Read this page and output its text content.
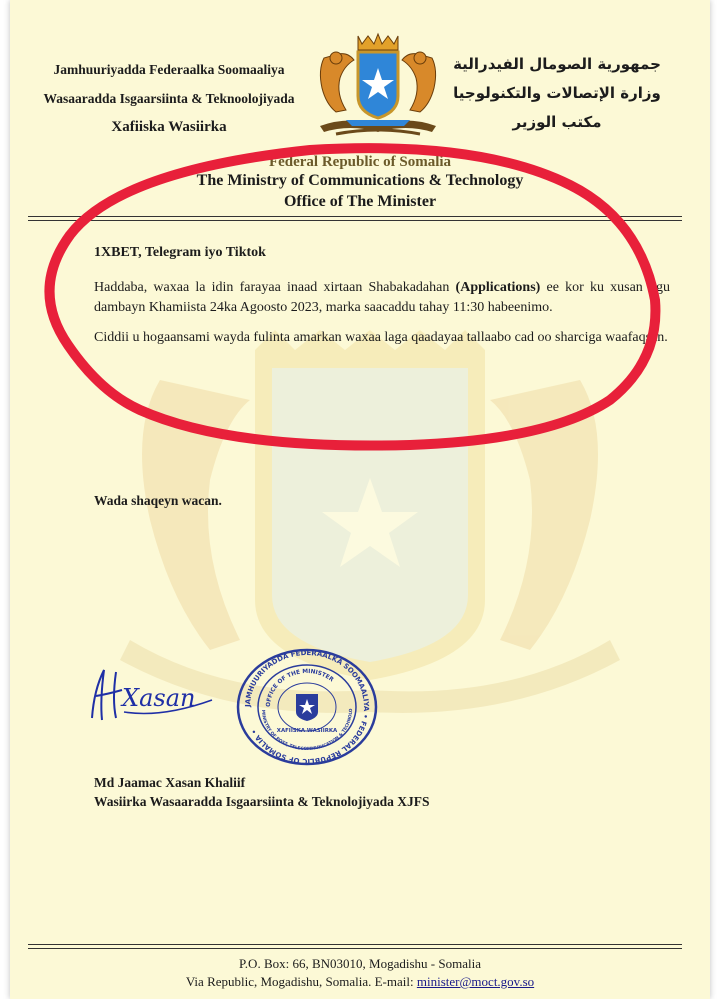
Jamhuuriyadda Federaalka Soomaaliya
Wasaaradda Isgaarsiinta & Teknoolojiyada
Xafiiska Wasiirka
جمهورية الصومال الفيدرالية
وزارة الإتصالات والتكنولوجيا
مكتب الوزير
Federal Republic of Somalia
The Ministry of Communications & Technology
Office of The Minister
1XBET, Telegram iyo Tiktok
Haddaba, waxaa la idin farayaa inaad xirtaan Shabakadahan (Applications) ee kor ku xusan ugu dambayn Khamiista 24ka Agoosto 2023, marka saacaddu tahay 11:30 habeenimo.
Ciddii u hogaansami wayda fulinta amarkan waxaa laga qaadayaa tallaabo cad oo sharciga waafaqsan.
Wada shaqeyn wacan.
Xasan	JAMHUURIYADDA FEDERAALKA SOOMAALIYA • FEDERAL REPUBLIC OF SOMALIA •
OFFICE OF THE MINISTER
MINISTRY OF POST, TELECOMMUNICATION & TECHNOLO
XAFIISKA WASIIRKA
Md Jaamac Xasan Khaliif
Wasiirka Wasaaradda Isgaarsiinta & Teknolojiyada XJFS
P.O. Box: 66, BN03010, Mogadishu - Somalia
Via Republic, Mogadishu, Somalia. E-mail: minister@moct.gov.so
